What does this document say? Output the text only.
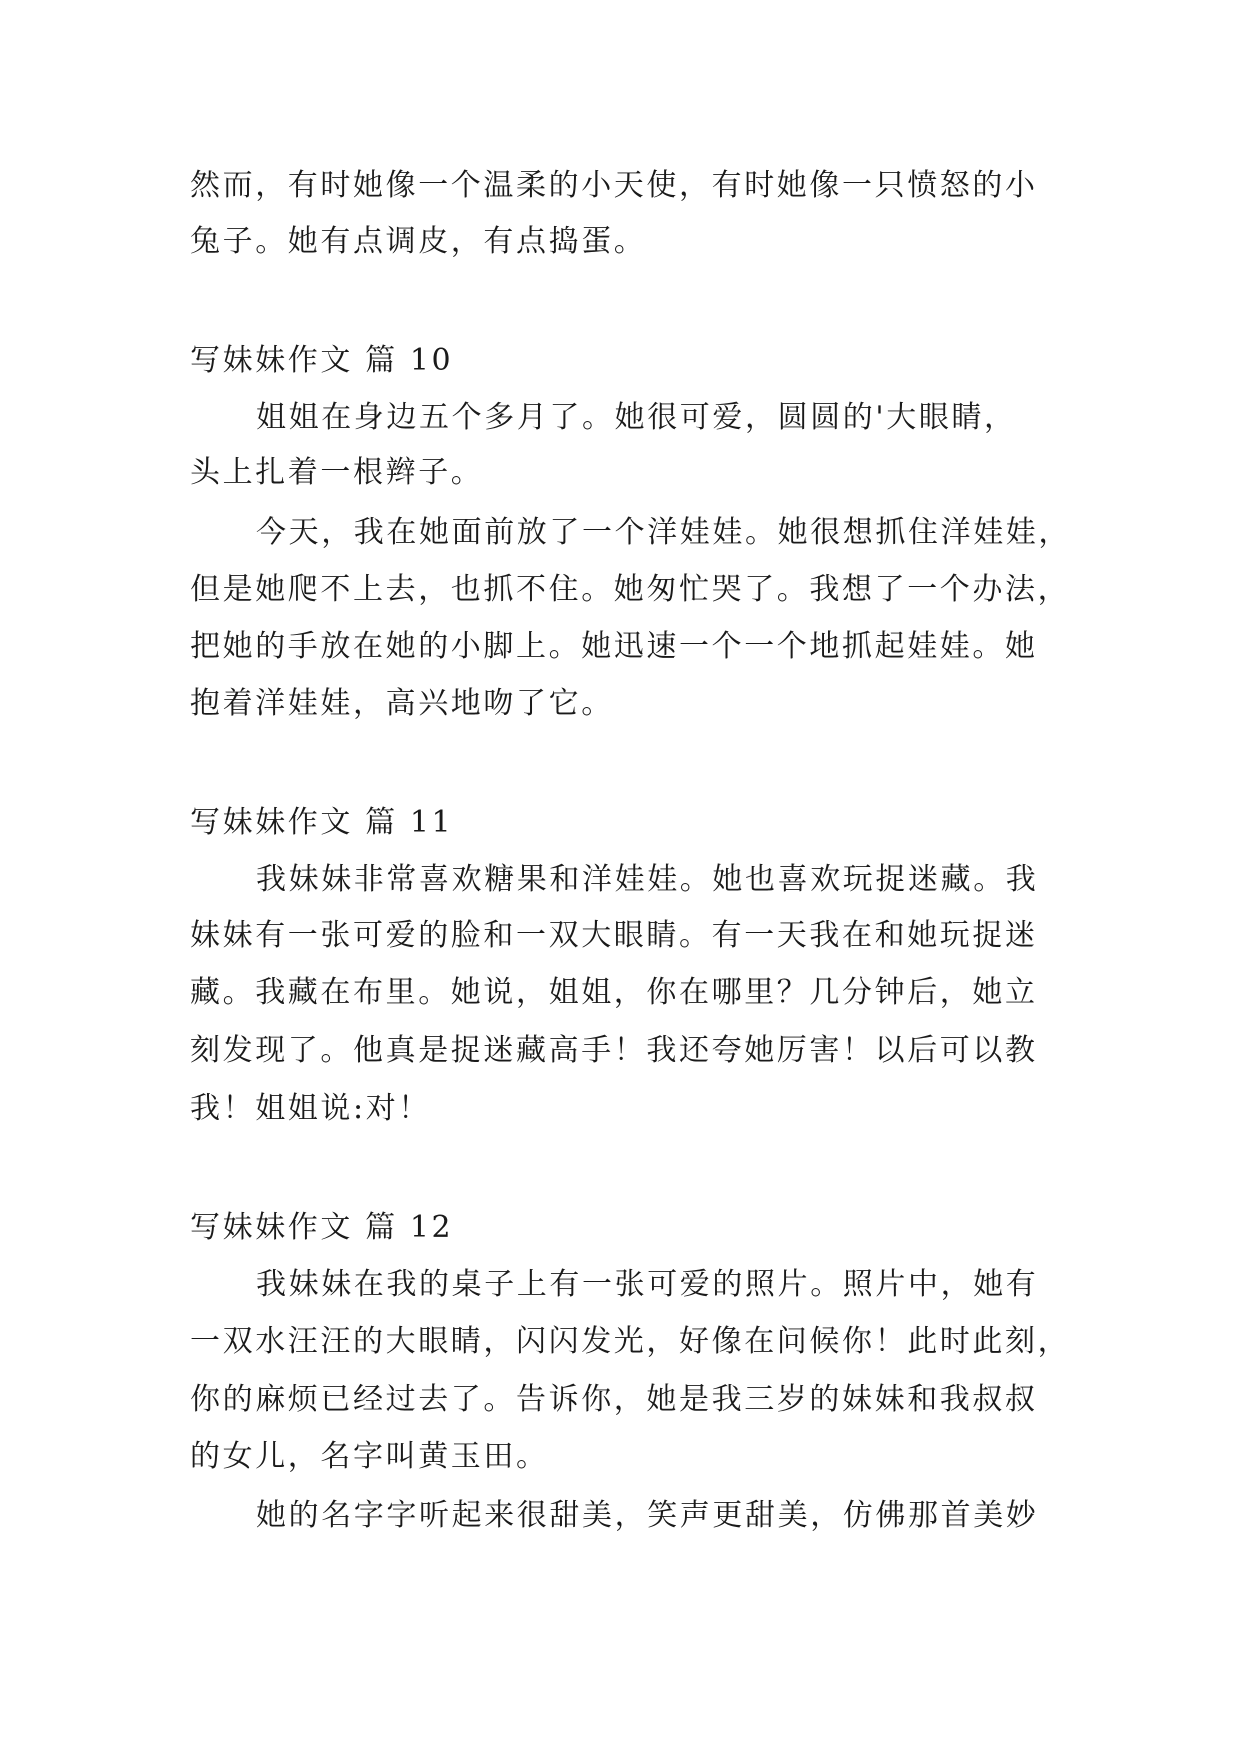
然而，有时她像一个温柔的小天使，有时她像一只愤怒的小
兔子。她有点调皮，有点捣蛋。
写妹妹作文 篇 10
姐姐在身边五个多月了。她很可爱，圆圆的'大眼睛，
头上扎着一根辫子。
今天，我在她面前放了一个洋娃娃。她很想抓住洋娃娃，
但是她爬不上去，也抓不住。她匆忙哭了。我想了一个办法，
把她的手放在她的小脚上。她迅速一个一个地抓起娃娃。她
抱着洋娃娃，高兴地吻了它。
写妹妹作文 篇 11
我妹妹非常喜欢糖果和洋娃娃。她也喜欢玩捉迷藏。我
妹妹有一张可爱的脸和一双大眼睛。有一天我在和她玩捉迷
藏。我藏在布里。她说，姐姐，你在哪里？几分钟后，她立
刻发现了。他真是捉迷藏高手！我还夸她厉害！以后可以教
我！姐姐说:对！
写妹妹作文 篇 12
我妹妹在我的桌子上有一张可爱的照片。照片中，她有
一双水汪汪的大眼睛，闪闪发光，好像在问候你！此时此刻，
你的麻烦已经过去了。告诉你，她是我三岁的妹妹和我叔叔
的女儿，名字叫黄玉田。
她的名字字听起来很甜美，笑声更甜美，仿佛那首美妙
